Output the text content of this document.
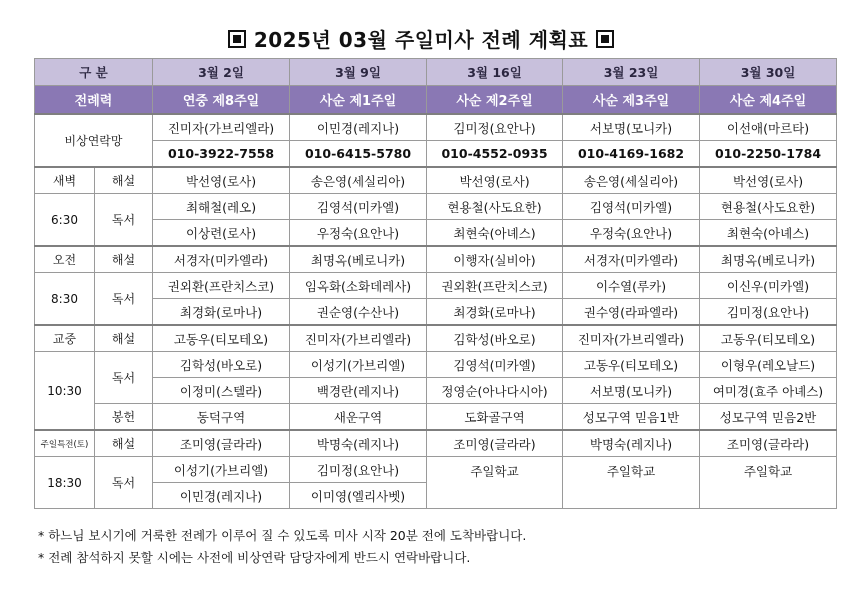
2025년 03월 주일미사 전례 계획표
구 분		3월 2일	3월 9일	3월 16일	3월 23일	3월 30일
전례력		연중 제8주일	사순 제1주일	사순 제2주일	사순 제3주일	사순 제4주일
비상연락망		진미자(가브리엘라)	이민경(레지나)	김미정(요안나)	서보명(모니카)	이선애(마르타)
		010-3922-7558	010-6415-5780	010-4552-0935	010-4169-1682	010-2250-1784
새벽	해설	박선영(로사)	송은영(세실리아)	박선영(로사)	송은영(세실리아)	박선영(로사)
6:30	독서	최해철(레오)	김영석(미카엘)	현용철(사도요한)	김영석(미카엘)	현용철(사도요한)
		이상련(로사)	우정숙(요안나)	최현숙(아녜스)	우정숙(요안나)	최현숙(아녜스)
오전	해설	서경자(미카엘라)	최명옥(베로니카)	이행자(실비아)	서경자(미카엘라)	최명옥(베로니카)
8:30	독서	권외환(프란치스코)	임옥화(소화데레사)	권외환(프란치스코)	이수열(루카)	이신우(미카엘)
		최경화(로마나)	권순영(수산나)	최경화(로마나)	권수영(라파엘라)	김미정(요안나)
교중	해설	고동우(티모테오)	진미자(가브리엘라)	김학성(바오로)	진미자(가브리엘라)	고동우(티모테오)
10:30	독서	김학성(바오로)	이성기(가브리엘)	김영석(미카엘)	고동우(티모테오)	이형우(레오날드)
		이정미(스텔라)	백경란(레지나)	정영순(아나다시아)	서보명(모니카)	여미경(효주 아녜스)
	봉헌	동덕구역	새운구역	도화골구역	성모구역 믿음1반	성모구역 믿음2반
주일특전(토)	해설	조미영(글라라)	박명숙(레지나)	조미영(글라라)	박명숙(레지나)	조미영(글라라)
18:30	독서	이성기(가브리엘)	김미정(요안나)	주일학교	주일학교	주일학교
		이민경(레지나)	이미영(엘리사벳)			
* 하느님 보시기에 거룩한 전례가 이루어 질 수 있도록 미사 시작 20분 전에 도착바랍니다.
* 전례 참석하지 못할 시에는 사전에 비상연락 담당자에게 반드시 연락바랍니다.
